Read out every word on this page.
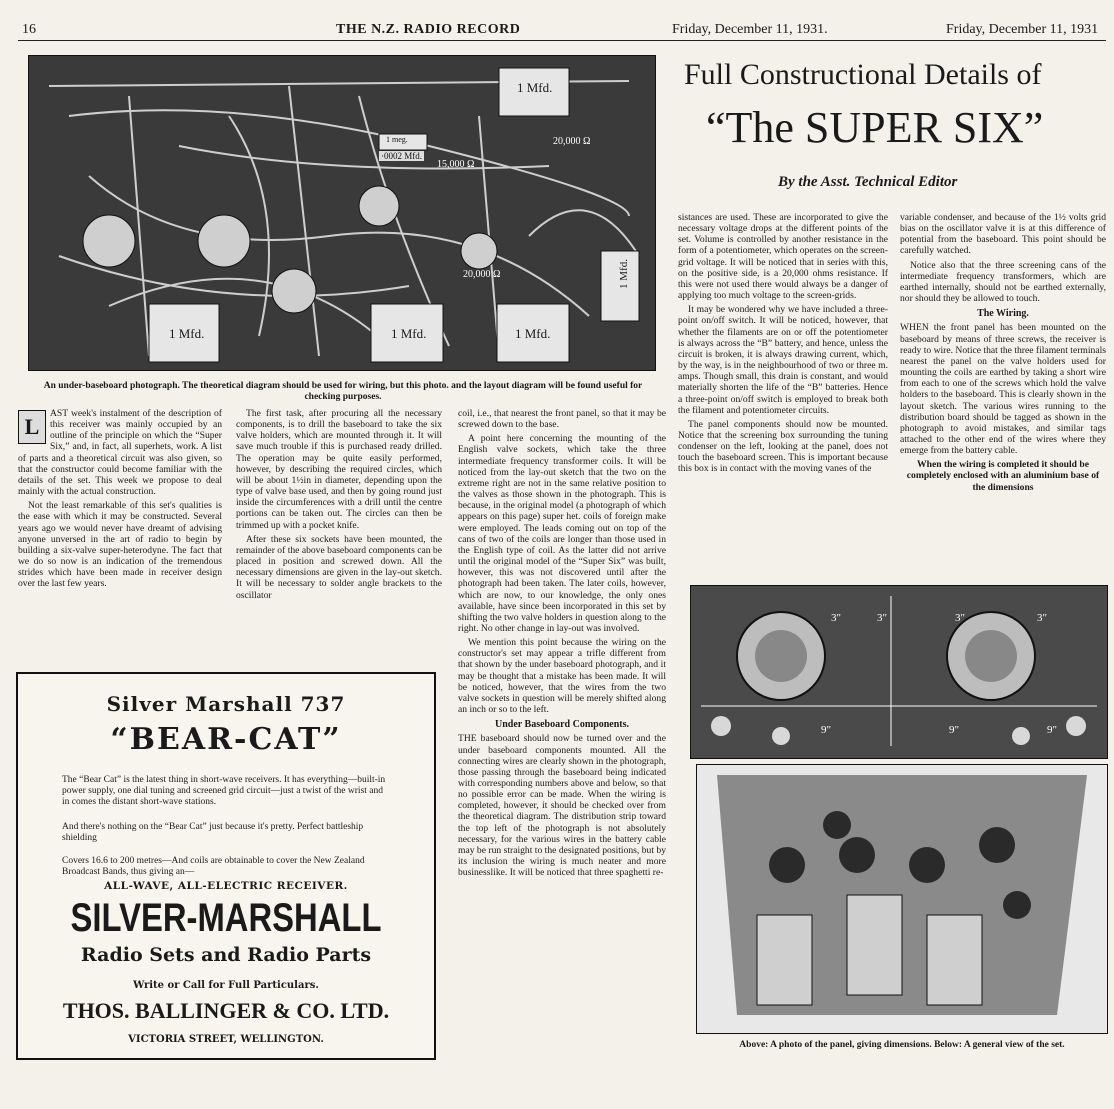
16	THE N.Z. RADIO RECORD	Friday, December 11, 1931.	Friday, December 11, 1931
1 Mfd.
20,000 Ω
15,000 Ω
·0002 Mfd.
1 meg.
20,000 Ω
1 Mfd.	1 Mfd.	1 Mfd.
1 Mfd.
An under-baseboard photograph. The theoretical diagram should be used for wiring, but this photo. and the layout diagram will be found useful for checking purposes.
Full Constructional Details of
“The SUPER SIX”
By the Asst. Technical Editor
L

AST week's instalment of the description of this receiver was mainly occupied by an outline of the principle on which the “Super Six,” and, in fact, all superhets, work. A list of parts and a theoretical circuit was also given, so that the constructor could become familiar with the details of the set. This week we propose to deal mainly with the actual construction.

Not the least remarkable of this set's qualities is the ease with which it may be constructed. Several years ago we would never have dreamt of advising anyone unversed in the art of radio to begin by building a six-valve super-heterodyne. The fact that we do so now is an indication of the tremendous strides which have been made in receiver design over the last few years.

The first task, after procuring all the necessary components, is to drill the baseboard to take the six valve holders, which are mounted through it. It will save much trouble if this is purchased ready drilled. The operation may be quite easily performed, however, by describing the required circles, which will be about 1½in in diameter, depending upon the type of valve base used, and then by going round just inside the circumferences with a drill until the centre portions can be taken out. The circles can then be trimmed up with a pocket knife.

After these six sockets have been mounted, the remainder of the above baseboard components can be placed in position and screwed down. All the necessary dimensions are given in the lay-out sketch. It will be necessary to solder angle brackets to the oscillator

coil, i.e., that nearest the front panel, so that it may be screwed down to the base.

A point here concerning the mounting of the English valve sockets, which take the three intermediate frequency transformer coils. It will be noticed from the lay-out sketch that the two on the extreme right are not in the same relative position to the valves as those shown in the photograph. This is because, in the original model (a photograph of which appears on this page) super het. coils of foreign make were employed. The leads coming out on top of the cans of two of the coils are longer than those used in the English type of coil. As the latter did not arrive until the original model of the “Super Six” was built, however, this was not discovered until after the photograph had been taken. The later coils, however, which are now, to our knowledge, the only ones available, have since been incorporated in this set by shifting the two valve holders in question along to the right. No other change in lay-out was involved.

We mention this point because the wiring on the constructor's set may appear a trifle different from that shown by the under baseboard photograph, and it may be thought that a mistake has been made. It will be noticed, however, that the wires from the two valve sockets in question will be merely shifted along an inch or so to the left.

Under Baseboard Components.

THE baseboard should now be turned over and the under baseboard components mounted. All the connecting wires are clearly shown in the photograph, those passing through the baseboard being indicated with corresponding numbers above and below, so that no possible error can be made. When the wiring is completed, however, it should be checked over from the theoretical diagram. The distribution strip toward the top left of the photograph is not absolutely necessary, for the various wires in the battery cable may be run straight to the designated positions, but by its inclusion the wiring is much neater and more businesslike. It will be noticed that three spaghetti re-

sistances are used. These are incorporated to give the necessary voltage drops at the different points of the set. Volume is controlled by another resistance in the form of a potentiometer, which operates on the screen-grid voltage. It will be noticed that in series with this, on the positive side, is a 20,000 ohms resistance. If this were not used there would always be a danger of applying too much voltage to the screen-grids.

It may be wondered why we have included a three-point on/off switch. It will be noticed, however, that whether the filaments are on or off the potentiometer is always across the “B” battery, and hence, unless the circuit is broken, it is always drawing current, which, by the way, is in the neighbourhood of two or three m. amps. Though small, this drain is constant, and would materially shorten the life of the “B” batteries. Hence a three-point on/off switch is employed to break both the filament and potentiometer circuits.

The panel components should now be mounted. Notice that the screening box surrounding the tuning condenser on the left, looking at the panel, does not touch the baseboard screen. This is important because this box is in contact with the moving vanes of the

variable condenser, and because of the 1½ volts grid bias on the oscillator valve it is at this difference of potential from the baseboard. This point should be carefully watched.

Notice also that the three screening cans of the intermediate frequency transformers, which are earthed internally, should not be earthed externally, nor should they be allowed to touch.

The Wiring.

WHEN the front panel has been mounted on the baseboard by means of three screws, the receiver is ready to wire. Notice that the three filament terminals nearest the panel on the valve holders used for mounting the coils are earthed by taking a short wire from each to one of the screws which hold the valve holders to the baseboard. This is clearly shown in the layout sketch. The various wires running to the distribution board should be tagged as shown in the photograph to avoid mistakes, and similar tags attached to the other end of the wires where they emerge from the battery cable.

When the wiring is completed it should be completely enclosed with an aluminium base of the dimensions

3"	3"	3"	3"
9"	9"	9"
Above: A photo of the panel, giving dimensions. Below: A general view of the set.
Silver Marshall 737
“BEAR-CAT”
The “Bear Cat” is the latest thing in short-wave receivers. It has everything—built-in power supply, one dial tuning and screened grid circuit—just a twist of the wrist and in comes the distant short-wave stations.
And there's nothing on the “Bear Cat” just because it's pretty. Perfect battleship shielding
Covers 16.6 to 200 metres—And coils are obtainable to cover the New Zealand Broadcast Bands, thus giving an—
ALL-WAVE, ALL-ELECTRIC RECEIVER.
SILVER-MARSHALL
Radio Sets and Radio Parts
Write or Call for Full Particulars.
THOS. BALLINGER & CO. LTD.
VICTORIA STREET, WELLINGTON.
